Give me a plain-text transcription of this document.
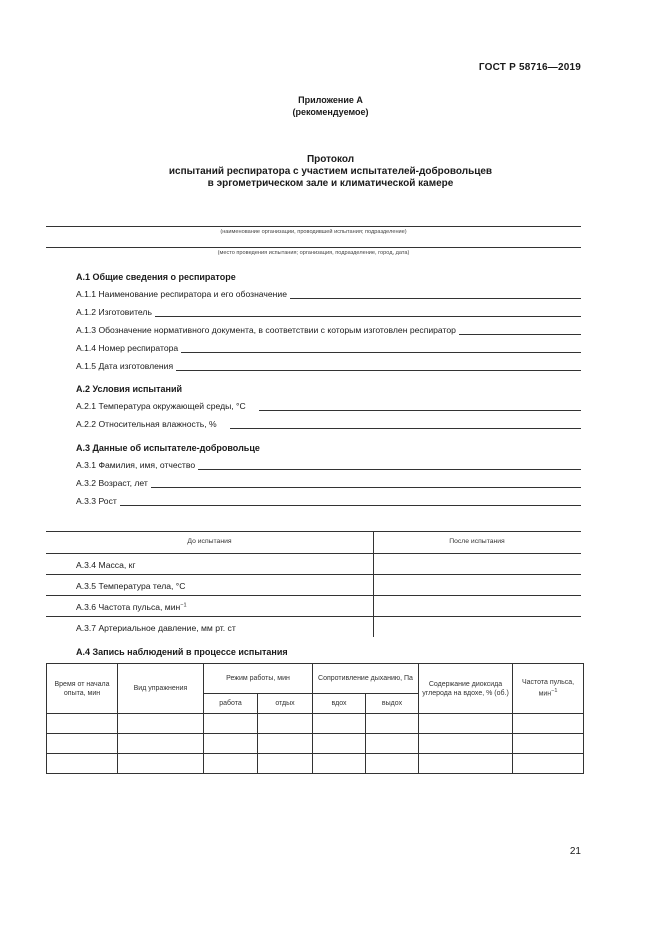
ГОСТ Р 58716—2019
Приложение А
(рекомендуемое)
Протокол
испытаний респиратора с участием испытателей-добровольцев
в эргометрическом зале и климатической камере
(наименование организации, проводившей испытания; подразделение)
(место проведения испытания; организация, подразделение, город, дата)
А.1 Общие сведения о респираторе
А.1.1 Наименование респиратора и его обозначение
А.1.2 Изготовитель
А.1.3 Обозначение нормативного документа, в соответствии с которым изготовлен респиратор
А.1.4 Номер респиратора
А.1.5 Дата изготовления
А.2 Условия испытаний
А.2.1 Температура окружающей среды, °С
А.2.2 Относительная влажность, %
А.3 Данные об испытателе-добровольце
А.3.1 Фамилия, имя, отчество
А.3.2 Возраст, лет
А.3.3 Рост
До испытания	После испытания
А.3.4 Масса, кг
А.3.5 Температура тела, °С
А.3.6 Частота пульса, мин$^{-1}$
А.3.7 Артериальное давление, мм рт. ст
А.4 Запись наблюдений в процессе испытания
Время от начала опыта, мин	Вид упражнения	Режим работы, мин		Сопротивление дыханию, Па		Содержание диоксида углерода на вдохе, % (об.)	Частота пульса, мин$^{-1}$
		работа	отдых	вдох	выдох		

21
